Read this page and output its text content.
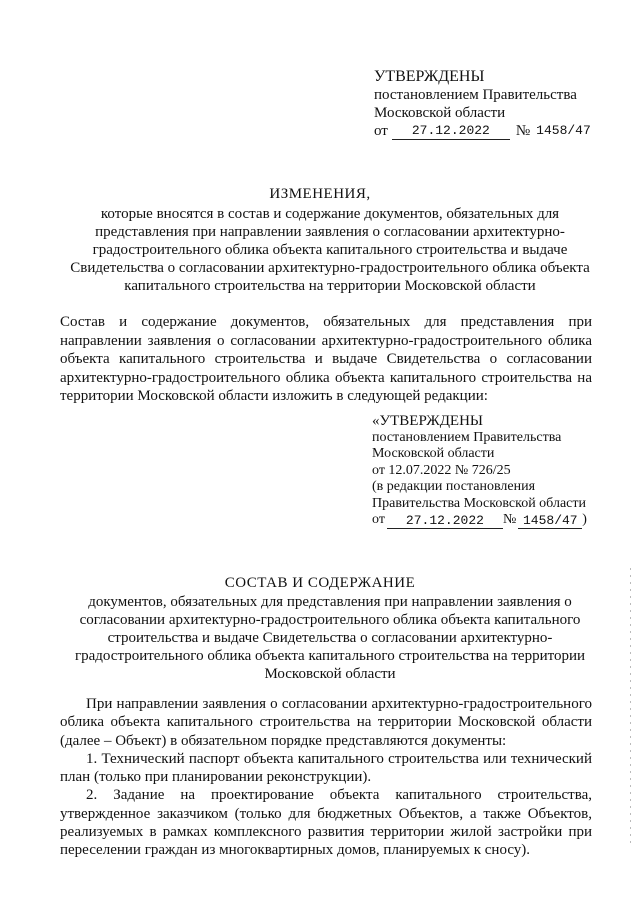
УТВЕРЖДЕНЫ
постановлением Правительства
Московской области
от	27.12.2022	№ 1458/47
ИЗМЕНЕНИЯ,
которые вносятся в состав и содержание документов, обязательных для
представления при направлении заявления о согласовании архитектурно-
градостроительного облика объекта капитального строительства и выдаче
Свидетельства о согласовании архитектурно-градостроительного облика объекта
капитального строительства на территории Московской области
Состав и содержание документов, обязательных для представления при направлении заявления о согласовании архитектурно-градостроительного облика объекта капитального строительства и выдаче Свидетельства о согласовании архитектурно-градостроительного облика объекта капитального строительства на территории Московской области изложить в следующей редакции:
«УТВЕРЖДЕНЫ
постановлением Правительства
Московской области
от 12.07.2022 № 726/25
(в редакции постановления
Правительства Московской области
от	27.12.2022	№ 1458/47 )
СОСТАВ И СОДЕРЖАНИЕ
документов, обязательных для представления при направлении заявления о
согласовании архитектурно-градостроительного облика объекта капитального
строительства и выдаче Свидетельства о согласовании архитектурно-
градостроительного облика объекта капитального строительства на территории
Московской области

При направлении заявления о согласовании архитектурно-градостроительного облика объекта капитального строительства на территории Московской области (далее – Объект) в обязательном порядке представляются документы:

1. Технический паспорт объекта капитального строительства или технический план (только при планировании реконструкции).

2. Задание на проектирование объекта капитального строительства, утвержденное заказчиком (только для бюджетных Объектов, а также Объектов, реализуемых в рамках комплексного развития территории жилой застройки при переселении граждан из многоквартирных домов, планируемых к сносу).
